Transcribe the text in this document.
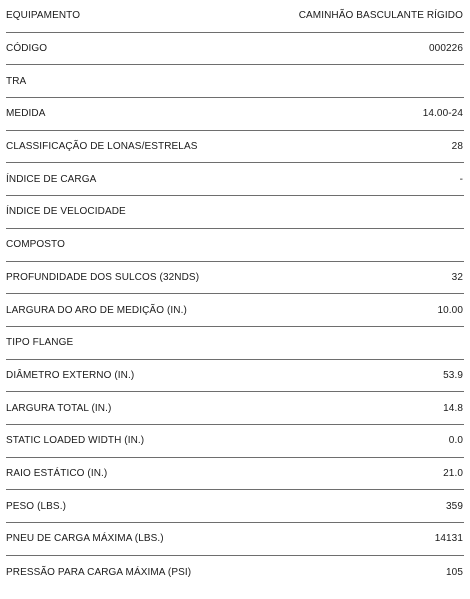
EQUIPAMENTO	CAMINHÃO BASCULANTE RÍGIDO
CÓDIGO	000226
TRA
MEDIDA	14.00-24
CLASSIFICAÇÃO DE LONAS/ESTRELAS	28
ÍNDICE DE CARGA	-
ÍNDICE DE VELOCIDADE
COMPOSTO
PROFUNDIDADE DOS SULCOS (32NDS)	32
LARGURA DO ARO DE MEDIÇÃO (IN.)	10.00
TIPO FLANGE
DIÂMETRO EXTERNO (IN.)	53.9
LARGURA TOTAL (IN.)	14.8
STATIC LOADED WIDTH (IN.)	0.0
RAIO ESTÁTICO (IN.)	21.0
PESO (LBS.)	359
PNEU DE CARGA MÁXIMA (LBS.)	14131
PRESSÃO PARA CARGA MÁXIMA (PSI)	105
